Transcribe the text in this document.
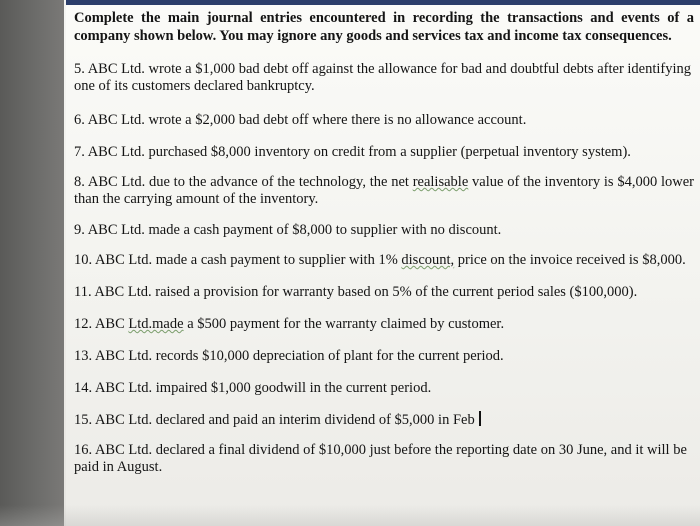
Complete the main journal entries encountered in recording the transactions and events of a company shown below. You may ignore any goods and services tax and income tax consequences.

5. ABC Ltd. wrote a $1,000 bad debt off against the allowance for bad and doubtful debts after identifying one of its customers declared bankruptcy.

6. ABC Ltd. wrote a $2,000 bad debt off where there is no allowance account.

7. ABC Ltd. purchased $8,000 inventory on credit from a supplier (perpetual inventory system).

8. ABC Ltd. due to the advance of the technology, the net realisable value of the inventory is $4,000 lower than the carrying amount of the inventory.

9. ABC Ltd. made a cash payment of $8,000 to supplier with no discount.

10. ABC Ltd. made a cash payment to supplier with 1% discount, price on the invoice received is $8,000.

11. ABC Ltd. raised a provision for warranty based on 5% of the current period sales ($100,000).

12. ABC Ltd.made a $500 payment for the warranty claimed by customer.

13. ABC Ltd. records $10,000 depreciation of plant for the current period.

14. ABC Ltd. impaired $1,000 goodwill in the current period.

15. ABC Ltd. declared and paid an interim dividend of $5,000 in Feb

16. ABC Ltd. declared a final dividend of $10,000 just before the reporting date on 30 June, and it will be paid in August.
